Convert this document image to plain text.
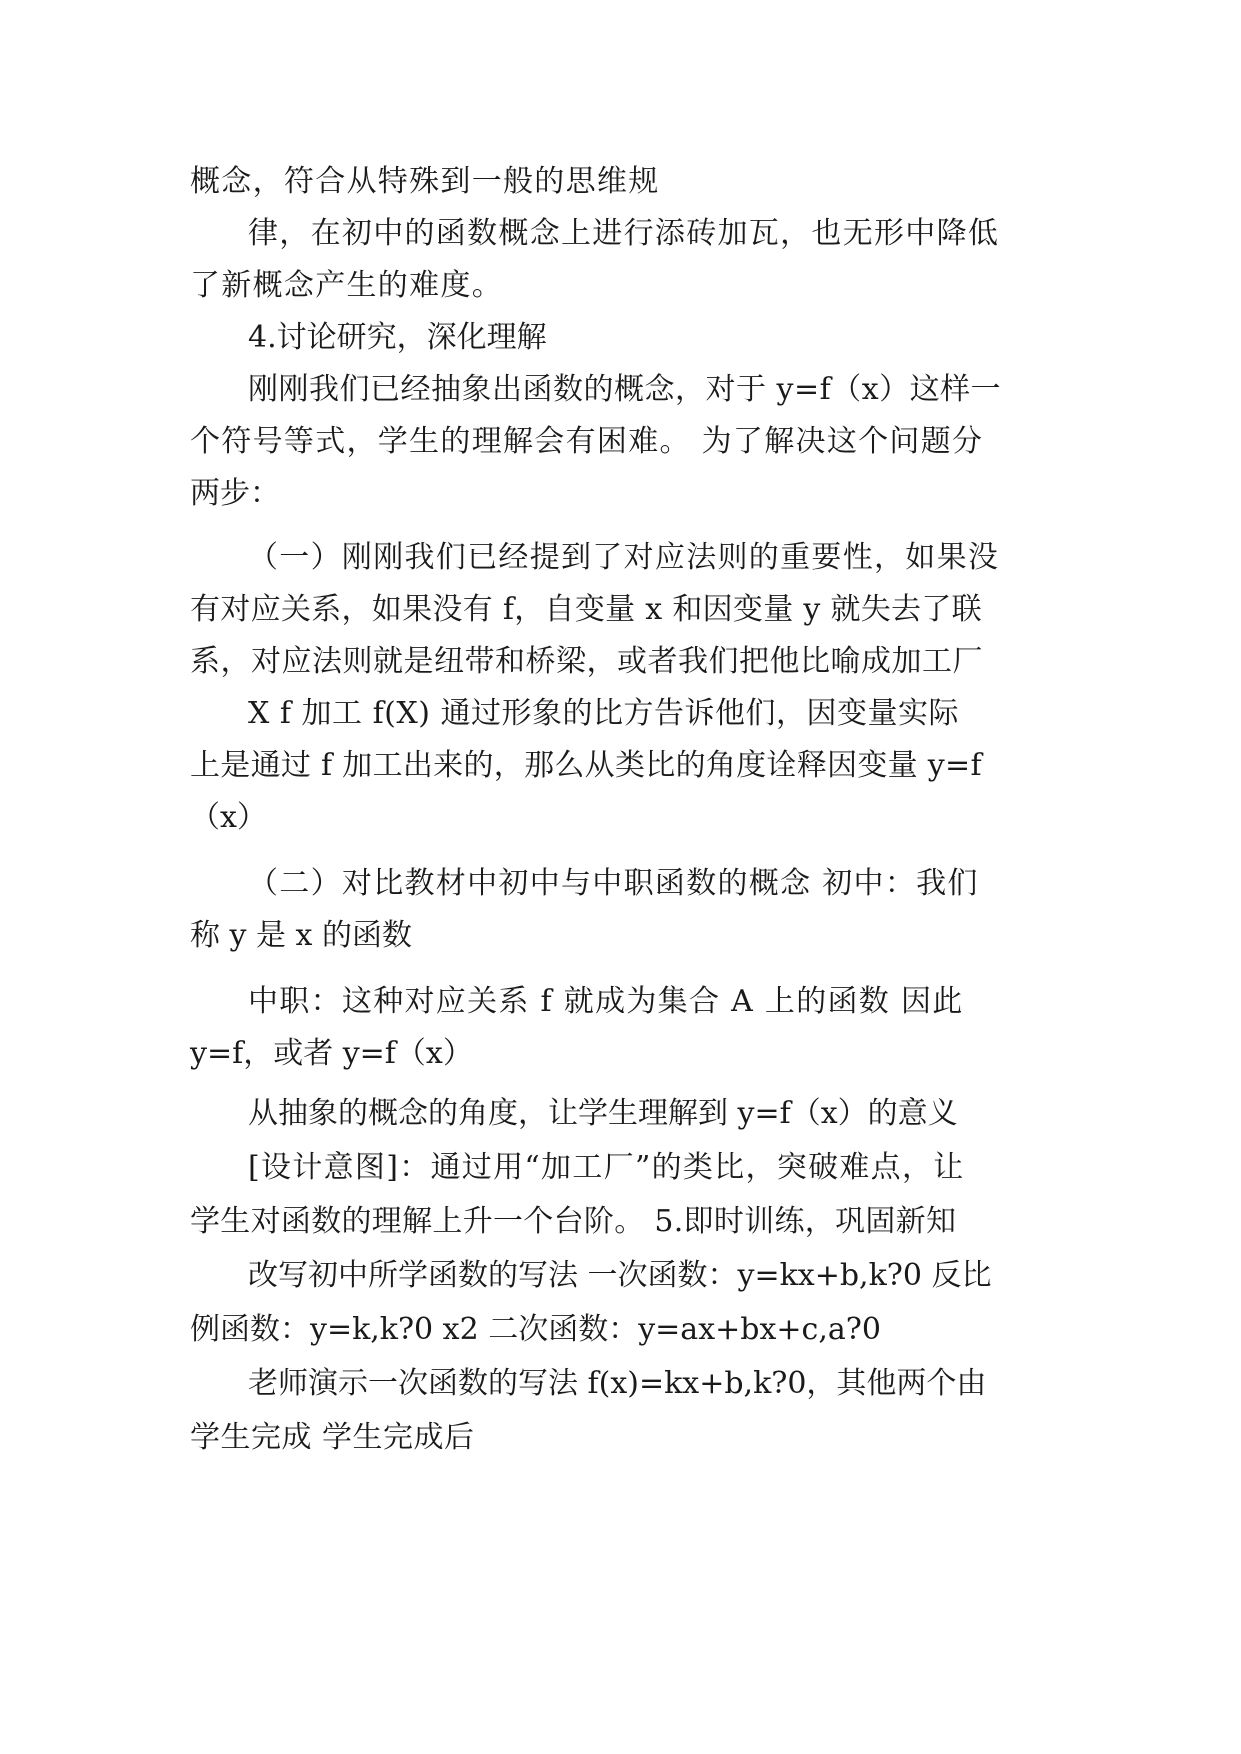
概念，符合从特殊到一般的思维规
律，在初中的函数概念上进行添砖加瓦，也无形中降低
了新概念产生的难度。
4.讨论研究，深化理解
刚刚我们已经抽象出函数的概念，对于 y=f（x）这样一
个符号等式，学生的理解会有困难。 为了解决这个问题分
两步：
（一）刚刚我们已经提到了对应法则的重要性，如果没
有对应关系，如果没有 f，自变量 x 和因变量 y 就失去了联
系，对应法则就是纽带和桥梁，或者我们把他比喻成加工厂
X f 加工 f(X) 通过形象的比方告诉他们，因变量实际
上是通过 f 加工出来的，那么从类比的角度诠释因变量 y=f
（x）
（二）对比教材中初中与中职函数的概念 初中：我们
称 y 是 x 的函数
中职：这种对应关系 f 就成为集合 A 上的函数 因此
y=f，或者 y=f（x）
从抽象的概念的角度，让学生理解到 y=f（x）的意义
[设计意图]：通过用“加工厂”的类比，突破难点，让
学生对函数的理解上升一个台阶。 5.即时训练，巩固新知
改写初中所学函数的写法 一次函数：y=kx+b,k?0 反比
例函数：y=k,k?0 x2 二次函数：y=ax+bx+c,a?0
老师演示一次函数的写法 f(x)=kx+b,k?0，其他两个由
学生完成 学生完成后
